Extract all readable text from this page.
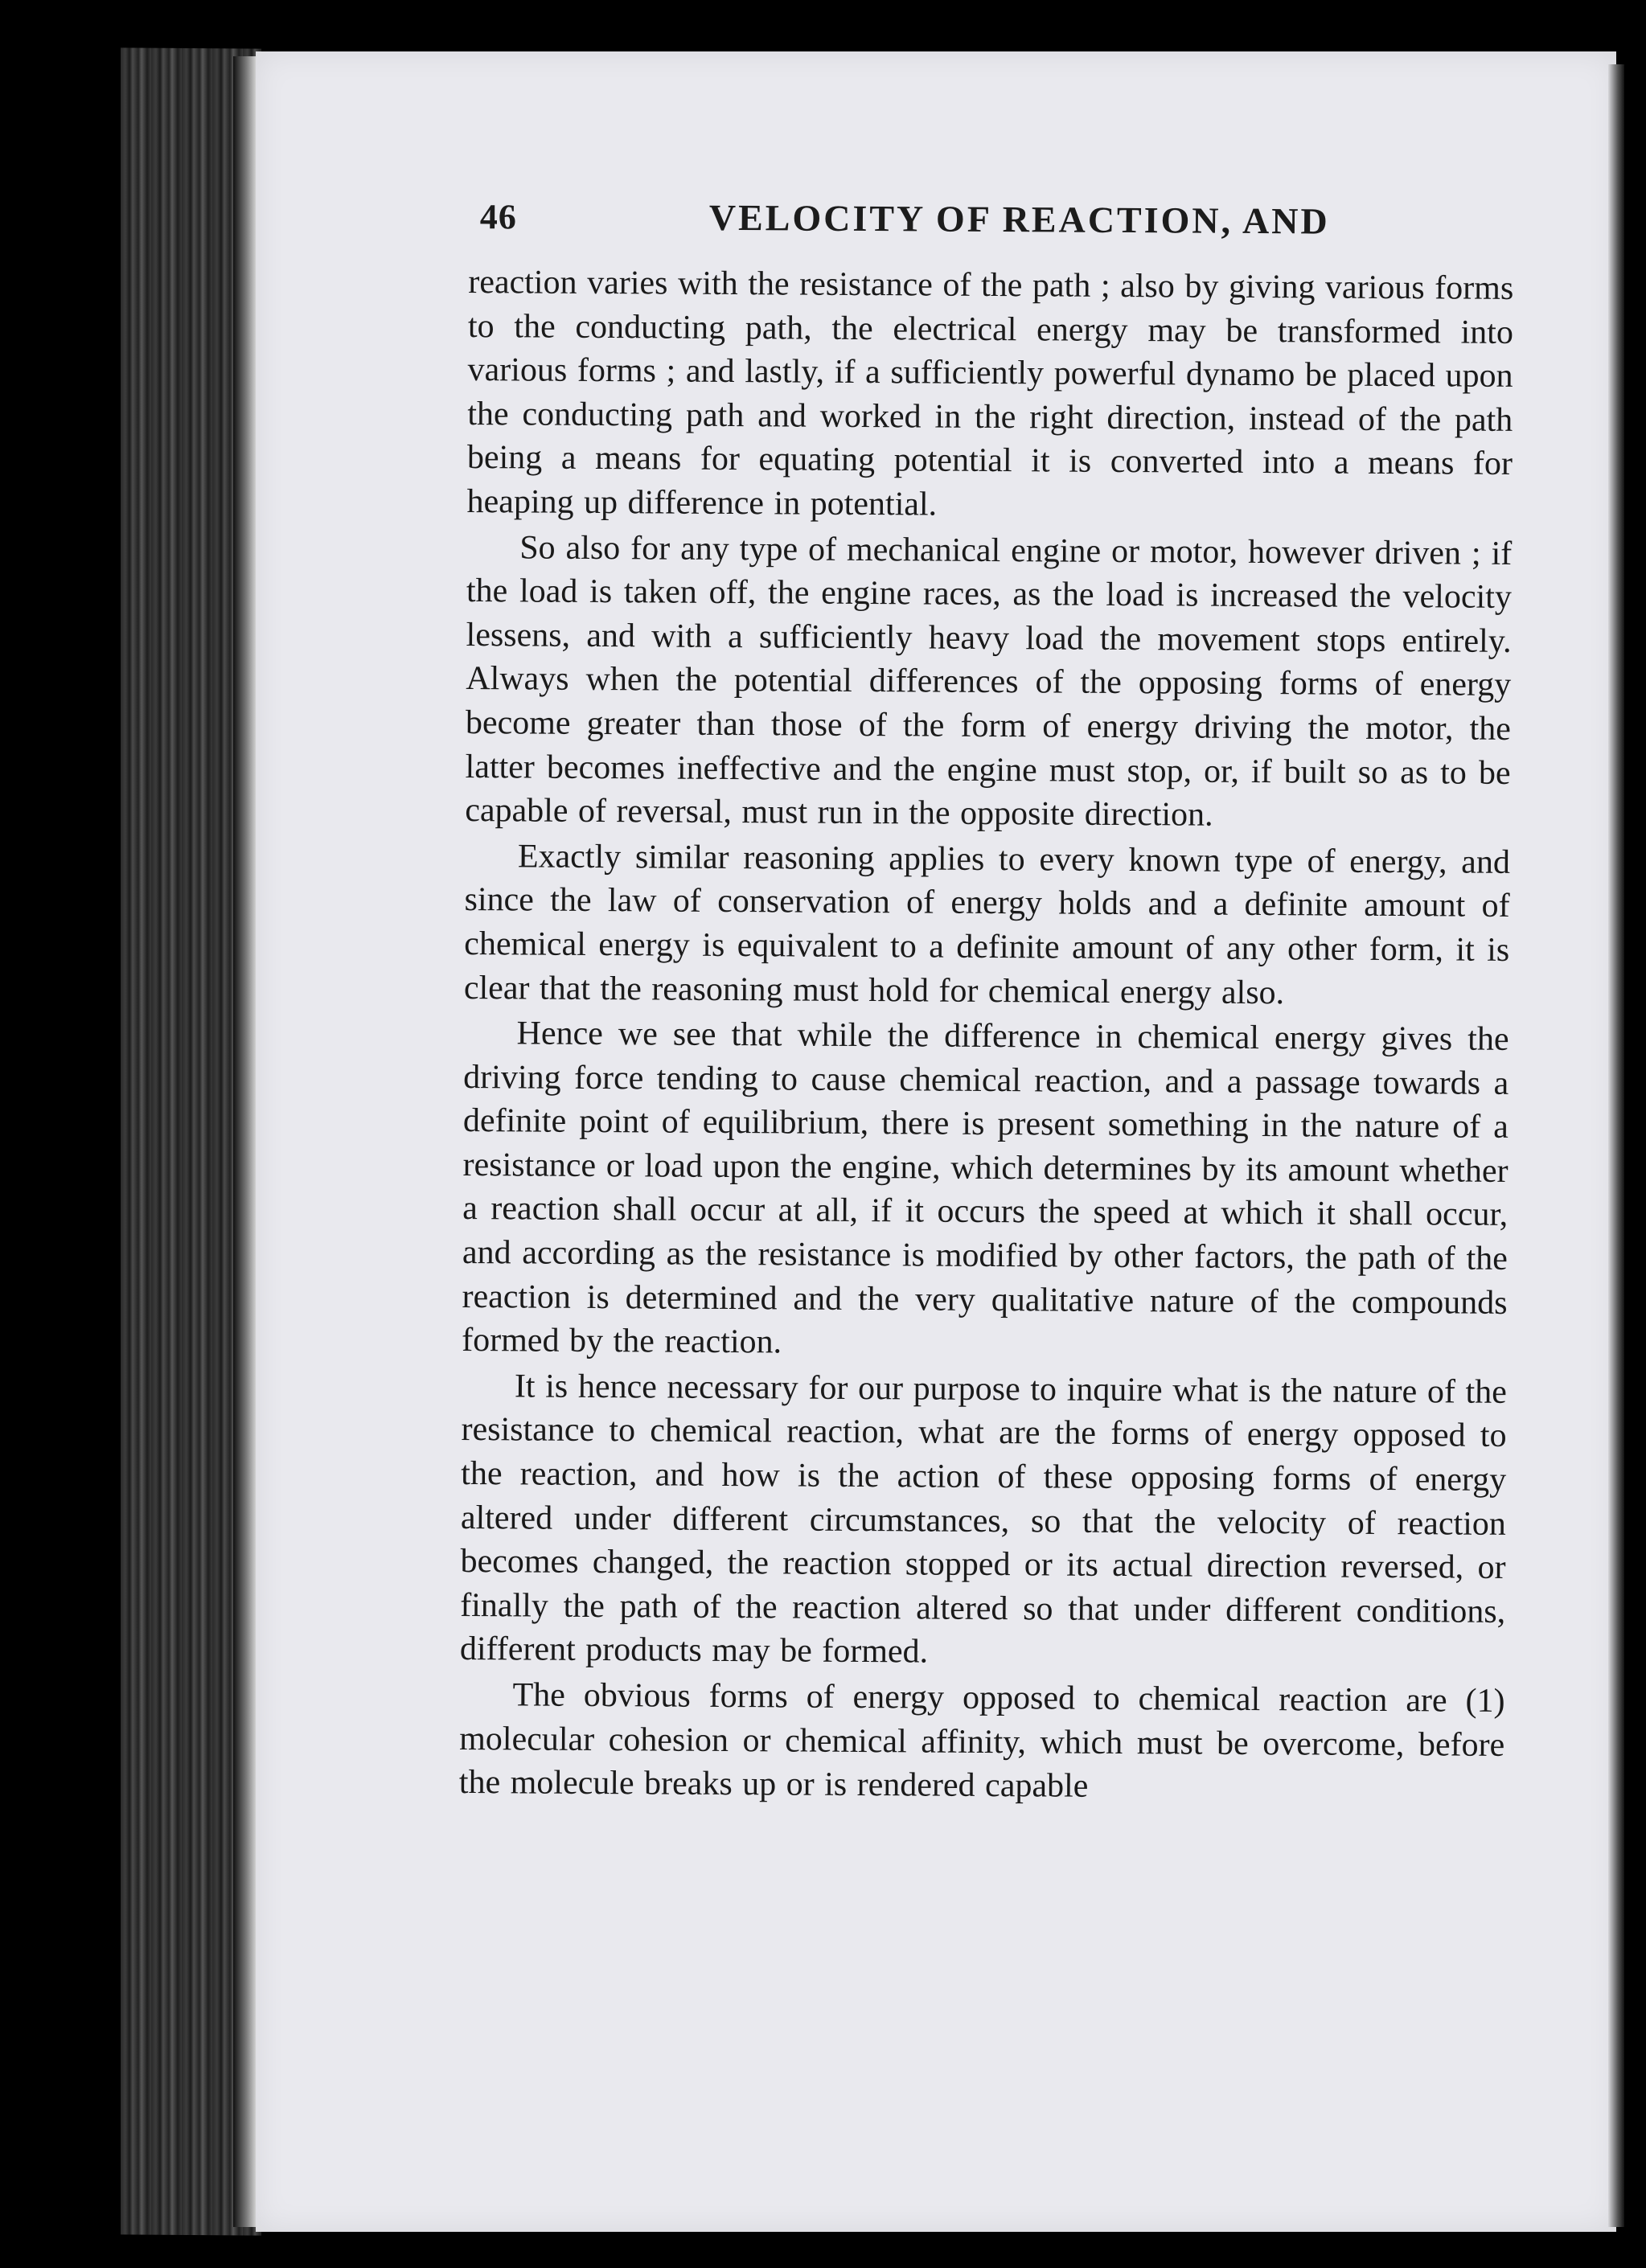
46	VELOCITY OF REACTION, AND

reaction varies with the resistance of the path ; also by giving various forms to the conducting path, the electrical energy may be transformed into various forms ; and lastly, if a sufficiently powerful dynamo be placed upon the conducting path and worked in the right direction, instead of the path being a means for equating potential it is converted into a means for heaping up difference in potential.

So also for any type of mechanical engine or motor, however driven ; if the load is taken off, the engine races, as the load is increased the velocity lessens, and with a sufficiently heavy load the movement stops entirely. Always when the potential differences of the opposing forms of energy become greater than those of the form of energy driving the motor, the latter becomes ineffective and the engine must stop, or, if built so as to be capable of reversal, must run in the opposite direction.

Exactly similar reasoning applies to every known type of energy, and since the law of conservation of energy holds and a definite amount of chemical energy is equivalent to a definite amount of any other form, it is clear that the reasoning must hold for chemical energy also.

Hence we see that while the difference in chemical energy gives the driving force tending to cause chemical reaction, and a passage towards a definite point of equilibrium, there is present something in the nature of a resistance or load upon the engine, which determines by its amount whether a reaction shall occur at all, if it occurs the speed at which it shall occur, and according as the resistance is modified by other factors, the path of the reaction is determined and the very qualitative nature of the compounds formed by the reaction.

It is hence necessary for our purpose to inquire what is the nature of the resistance to chemical reaction, what are the forms of energy opposed to the reaction, and how is the action of these opposing forms of energy altered under different circumstances, so that the velocity of reaction becomes changed, the reaction stopped or its actual direction reversed, or finally the path of the reaction altered so that under different conditions, different products may be formed.

The obvious forms of energy opposed to chemical reaction are (1) molecular cohesion or chemical affinity, which must be overcome, before the molecule breaks up or is rendered capable
